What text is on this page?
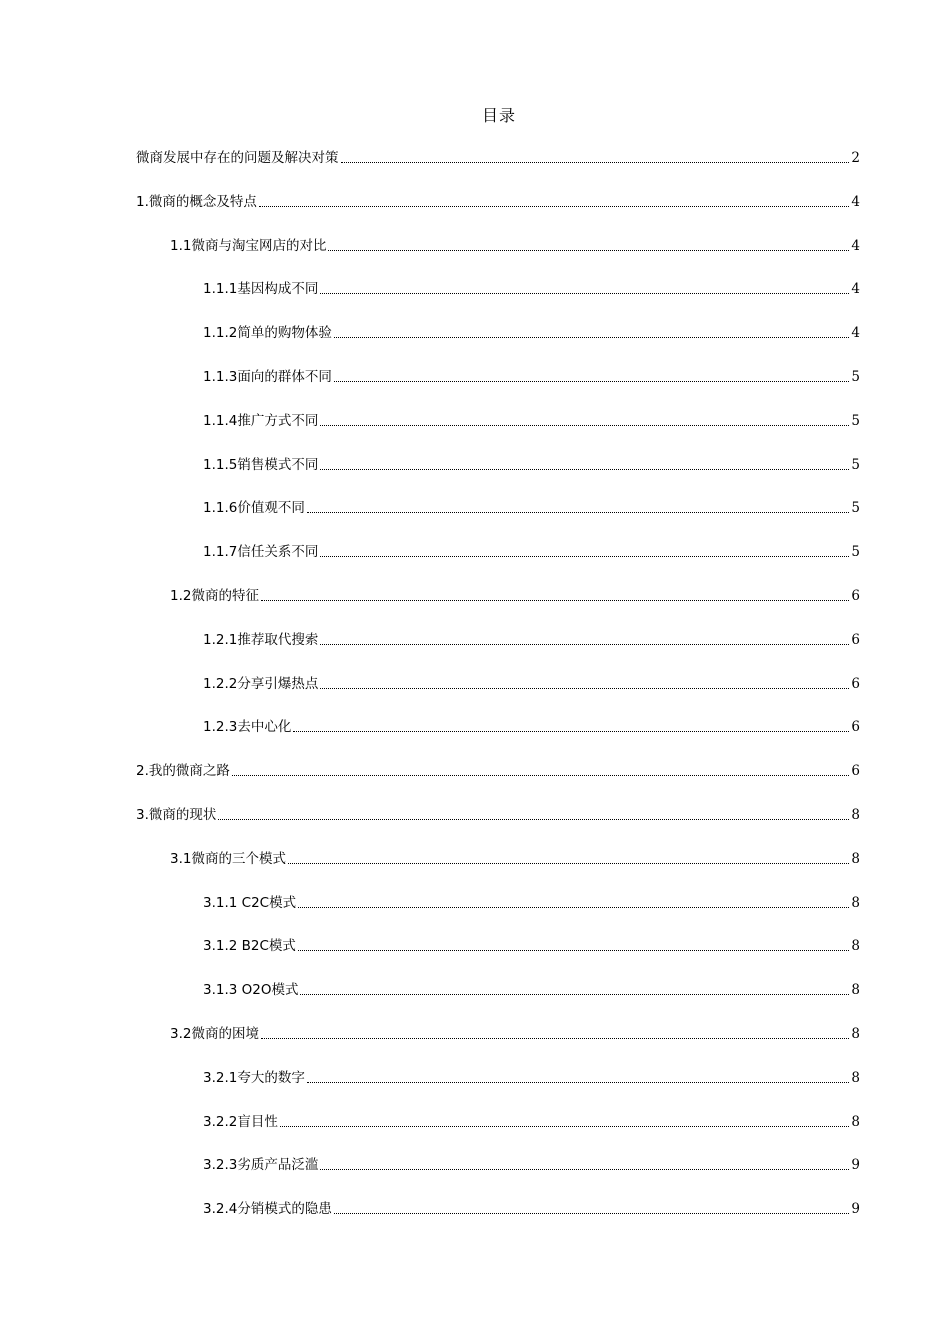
目录
微商发展中存在的问题及解决对策	2
1.微商的概念及特点	4
1.1微商与淘宝网店的对比	4
1.1.1基因构成不同	4
1.1.2简单的购物体验	4
1.1.3面向的群体不同	5
1.1.4推广方式不同	5
1.1.5销售模式不同	5
1.1.6价值观不同	5
1.1.7信任关系不同	5
1.2微商的特征	6
1.2.1推荐取代搜索	6
1.2.2分享引爆热点	6
1.2.3去中心化	6
2.我的微商之路	6
3.微商的现状	8
3.1微商的三个模式	8
3.1.1 C2C模式	8
3.1.2 B2C模式	8
3.1.3 O2O模式	8
3.2微商的困境	8
3.2.1夸大的数字	8
3.2.2盲目性	8
3.2.3劣质产品泛滥	9
3.2.4分销模式的隐患	9
